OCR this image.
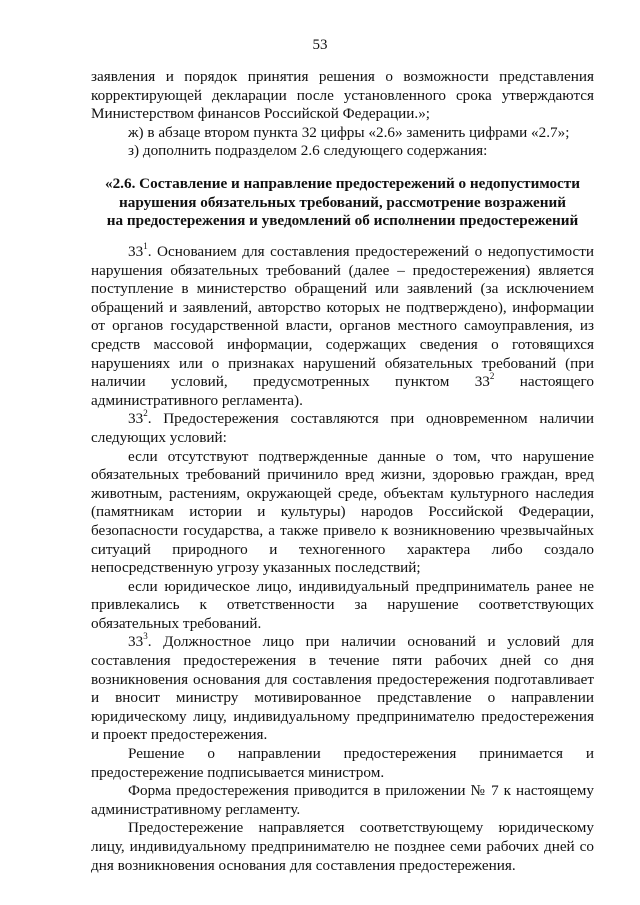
53

заявления и порядок принятия решения о возможности представления корректирующей декларации после установленного срока утверждаются Министерством финансов Российской Федерации.»;

ж) в абзаце втором пункта 32 цифры «2.6» заменить цифрами «2.7»;

з) дополнить подразделом 2.6 следующего содержания:

«2.6. Составление и направление предостережений о недопустимости
нарушения обязательных требований, рассмотрение возражений
на предостережения и уведомлений об исполнении предостережений

$33^1$. Основанием для составления предостережений о недопустимости нарушения обязательных требований (далее – предостережения) является поступление в министерство обращений или заявлений (за исключением обращений и заявлений, авторство которых не подтверждено), информации от органов государственной власти, органов местного самоуправления, из средств массовой информации, содержащих сведения о готовящихся нарушениях или о признаках нарушений обязательных требований (при наличии условий, предусмотренных пунктом $33^2$ настоящего административного регламента).

$33^2$. Предостережения составляются при одновременном наличии следующих условий:

если отсутствуют подтвержденные данные о том, что нарушение обязательных требований причинило вред жизни, здоровью граждан, вред животным, растениям, окружающей среде, объектам культурного наследия (памятникам истории и культуры) народов Российской Федерации, безопасности государства, а также привело к возникновению чрезвычайных ситуаций природного и техногенного характера либо создало непосредственную угрозу указанных последствий;

если юридическое лицо, индивидуальный предприниматель ранее не привлекались к ответственности за нарушение соответствующих обязательных требований.

$33^3$. Должностное лицо при наличии оснований и условий для составления предостережения в течение пяти рабочих дней со дня возникновения основания для составления предостережения подготавливает и вносит министру мотивированное представление о направлении юридическому лицу, индивидуальному предпринимателю предостережения и проект предостережения.

Решение о направлении предостережения принимается и предостережение подписывается министром.

Форма предостережения приводится в приложении № 7 к настоящему административному регламенту.

Предостережение направляется соответствующему юридическому лицу, индивидуальному предпринимателю не позднее семи рабочих дней со дня возникновения основания для составления предостережения.
